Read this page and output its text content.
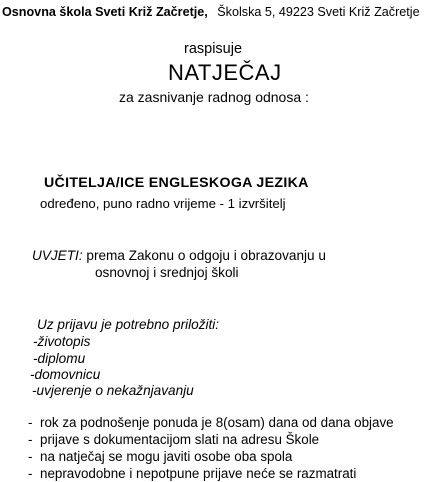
Osnovna škola Sveti Križ Začretje, Školska 5, 49223 Sveti Križ Začretje
raspisuje
NATJEČAJ
za zasnivanje radnog odnosa :
UČITELJA/ICE ENGLESKOGA JEZIKA
određeno, puno radno vrijeme - 1 izvršitelj
UVJETI: prema Zakonu o odgoju i obrazovanju u
osnovnoj i srednjoj školi
Uz prijavu je potrebno priložiti:
-životopis
-diplomu
-domovnicu
-uvjerenje o nekažnjavanju
- rok za podnošenje ponuda je 8(osam) dana od dana objave
- prijave s dokumentacijom slati na adresu Škole
- na natječaj se mogu javiti osobe oba spola
- nepravodobne i nepotpune prijave neće se razmatrati
